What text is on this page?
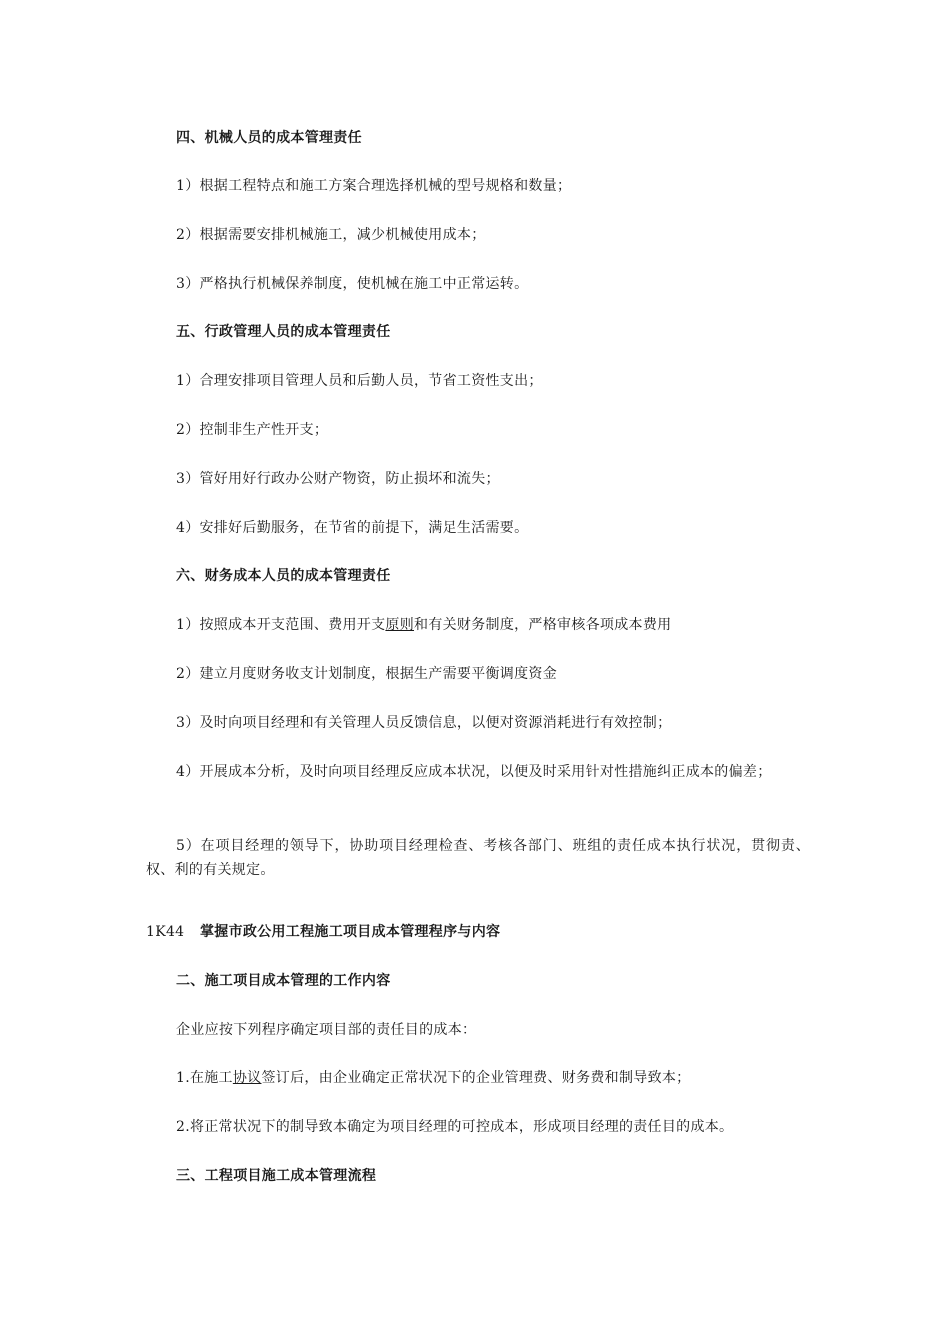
四、机械人员的成本管理责任
1）根据工程特点和施工方案合理选择机械的型号规格和数量；
2）根据需要安排机械施工，减少机械使用成本；
3）严格执行机械保养制度，使机械在施工中正常运转。
五、行政管理人员的成本管理责任
1）合理安排项目管理人员和后勤人员，节省工资性支出；
2）控制非生产性开支；
3）管好用好行政办公财产物资，防止损坏和流失；
4）安排好后勤服务，在节省的前提下，满足生活需要。
六、财务成本人员的成本管理责任
1）按照成本开支范围、费用开支原则和有关财务制度，严格审核各项成本费用
2）建立月度财务收支计划制度，根据生产需要平衡调度资金
3）及时向项目经理和有关管理人员反馈信息，以便对资源消耗进行有效控制；
4）开展成本分析，及时向项目经理反应成本状况，以便及时采用针对性措施纠正成本的偏差；
5）在项目经理的领导下，协助项目经理检查、考核各部门、班组的责任成本执行状况，贯彻责、权、利的有关规定。
1K44 掌握市政公用工程施工项目成本管理程序与内容
二、施工项目成本管理的工作内容
企业应按下列程序确定项目部的责任目的成本：
1.在施工协议签订后，由企业确定正常状况下的企业管理费、财务费和制导致本；
2.将正常状况下的制导致本确定为项目经理的可控成本，形成项目经理的责任目的成本。
三、工程项目施工成本管理流程
